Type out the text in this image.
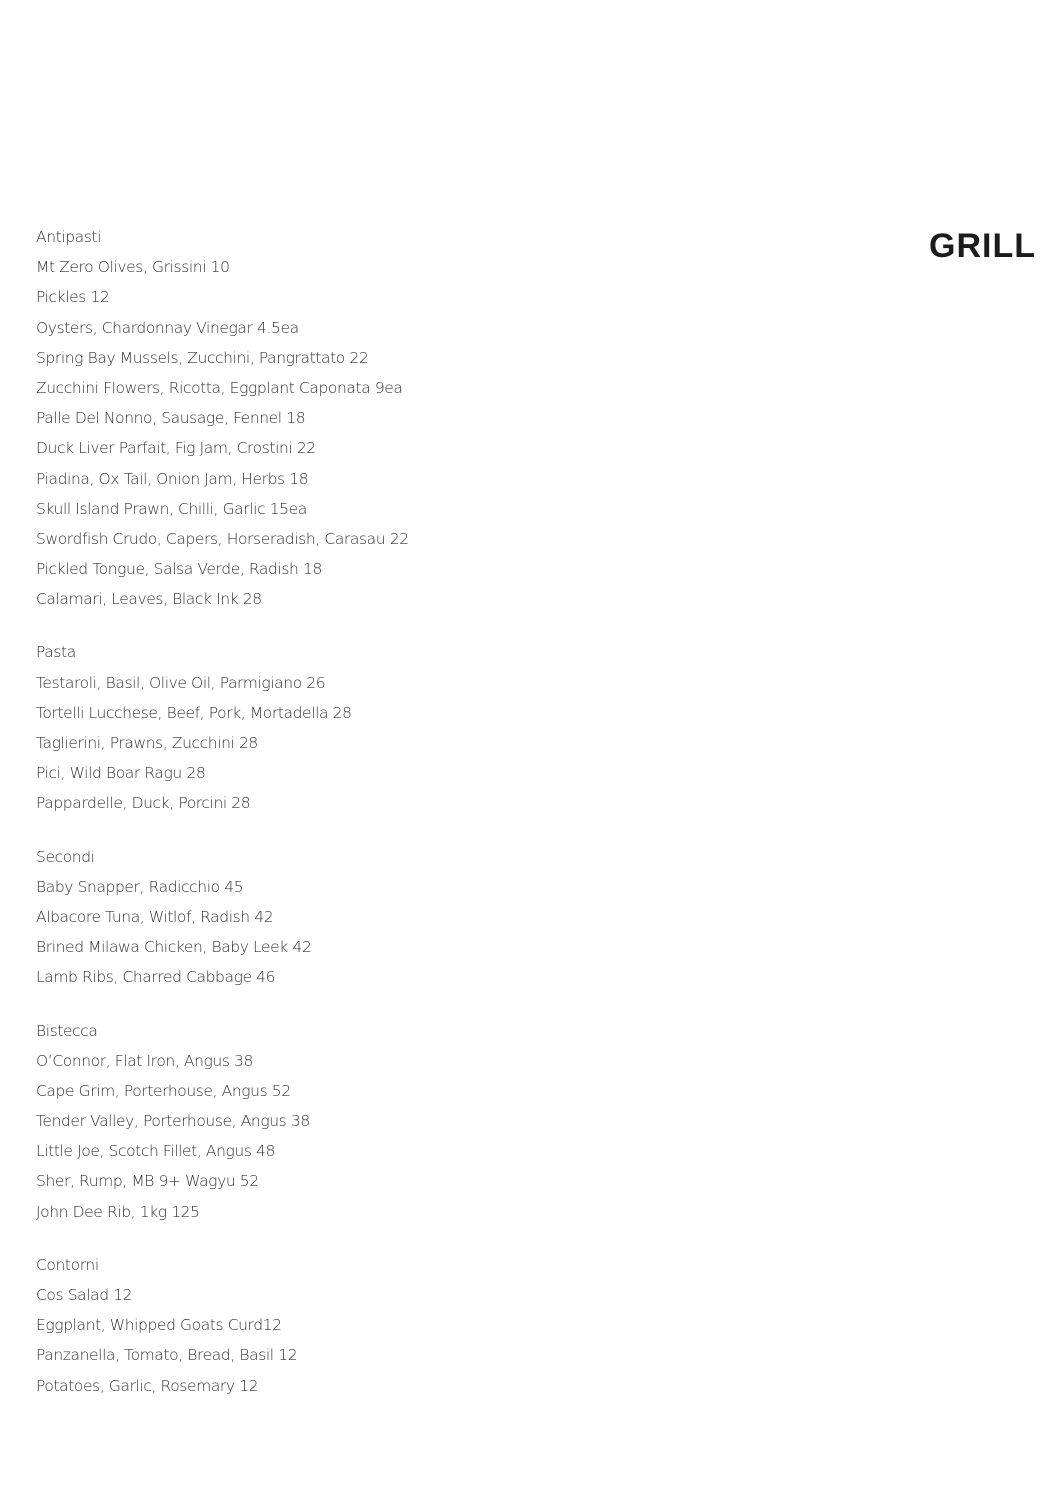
GRILL
Antipasti
Mt Zero Olives, Grissini 10
Pickles 12
Oysters, Chardonnay Vinegar 4.5ea
Spring Bay Mussels, Zucchini, Pangrattato 22
Zucchini Flowers, Ricotta, Eggplant Caponata 9ea
Palle Del Nonno, Sausage, Fennel 18
Duck Liver Parfait, Fig Jam, Crostini 22
Piadina, Ox Tail, Onion Jam, Herbs 18
Skull Island Prawn, Chilli, Garlic 15ea
Swordfish Crudo, Capers, Horseradish, Carasau 22
Pickled Tongue, Salsa Verde, Radish 18
Calamari, Leaves, Black Ink 28
Pasta
Testaroli, Basil, Olive Oil, Parmigiano 26
Tortelli Lucchese, Beef, Pork, Mortadella 28
Taglierini, Prawns, Zucchini 28
Pici, Wild Boar Ragu 28
Pappardelle, Duck, Porcini 28
Secondi
Baby Snapper, Radicchio 45
Albacore Tuna, Witlof, Radish 42
Brined Milawa Chicken, Baby Leek 42
Lamb Ribs, Charred Cabbage 46
Bistecca
O’Connor, Flat Iron, Angus 38
Cape Grim, Porterhouse, Angus 52
Tender Valley, Porterhouse, Angus 38
Little Joe, Scotch Fillet, Angus 48
Sher, Rump, MB 9+ Wagyu 52
John Dee Rib, 1kg 125
Contorni
Cos Salad 12
Eggplant, Whipped Goats Curd12
Panzanella, Tomato, Bread, Basil 12
Potatoes, Garlic, Rosemary 12
